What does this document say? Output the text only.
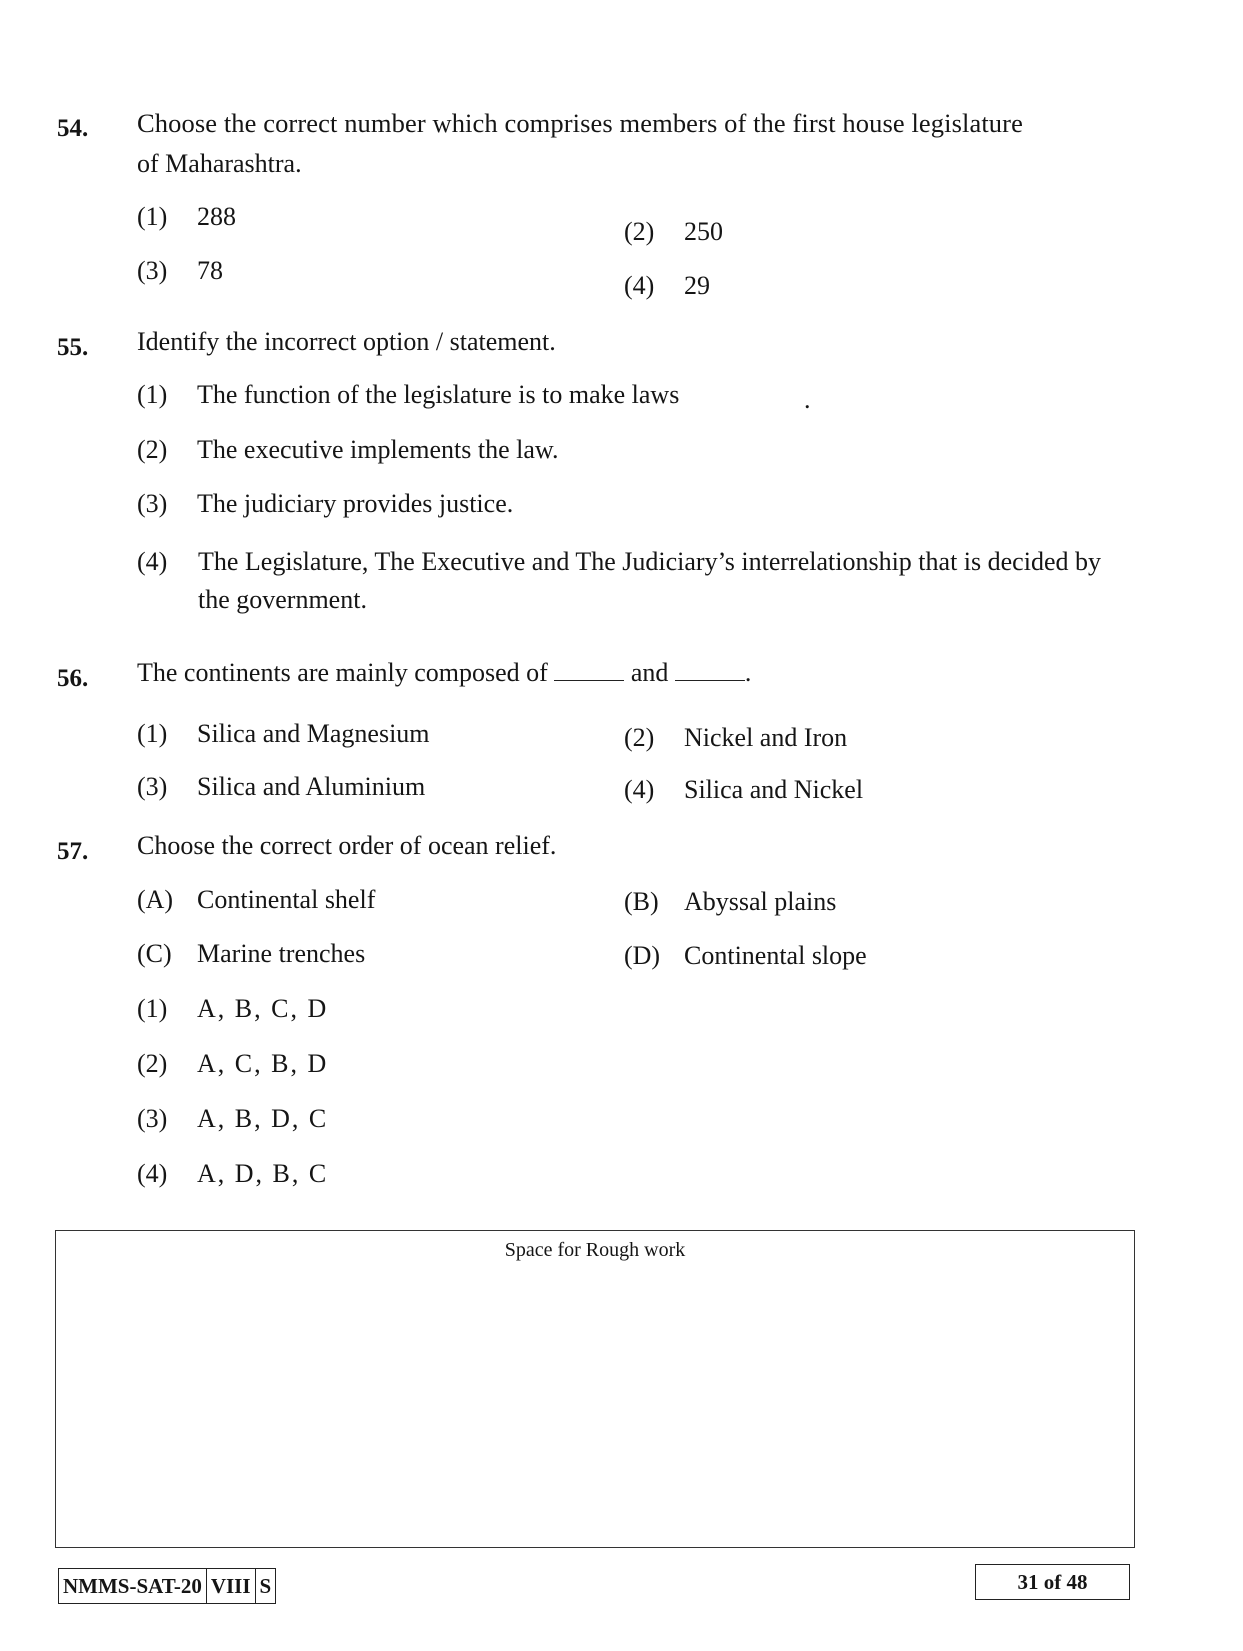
54. Choose the correct number which comprises members of the first house legislature
of Maharashtra.
(1) 288
(2) 250
(3) 78
(4) 29
55. Identify the incorrect option / statement.
(1) The function of the legislature is to make laws	.
(2) The executive implements the law.
(3) The judiciary provides justice.
(4) The Legislature, The Executive and The Judiciary’s interrelationship that is decided by the government.
56. The continents are mainly composed of	and	.
(1) Silica and Magnesium	(2) Nickel and Iron
(3) Silica and Aluminium	(4) Silica and Nickel
57. Choose the correct order of ocean relief.
(A) Continental shelf	(B) Abyssal plains
(C) Marine trenches	(D) Continental slope
(1) A, B, C, D
(2) A, C, B, D
(3) A, B, D, C
(4) A, D, B, C
Space for Rough work
NMMS-SAT-20 VIII S	31 of 48
